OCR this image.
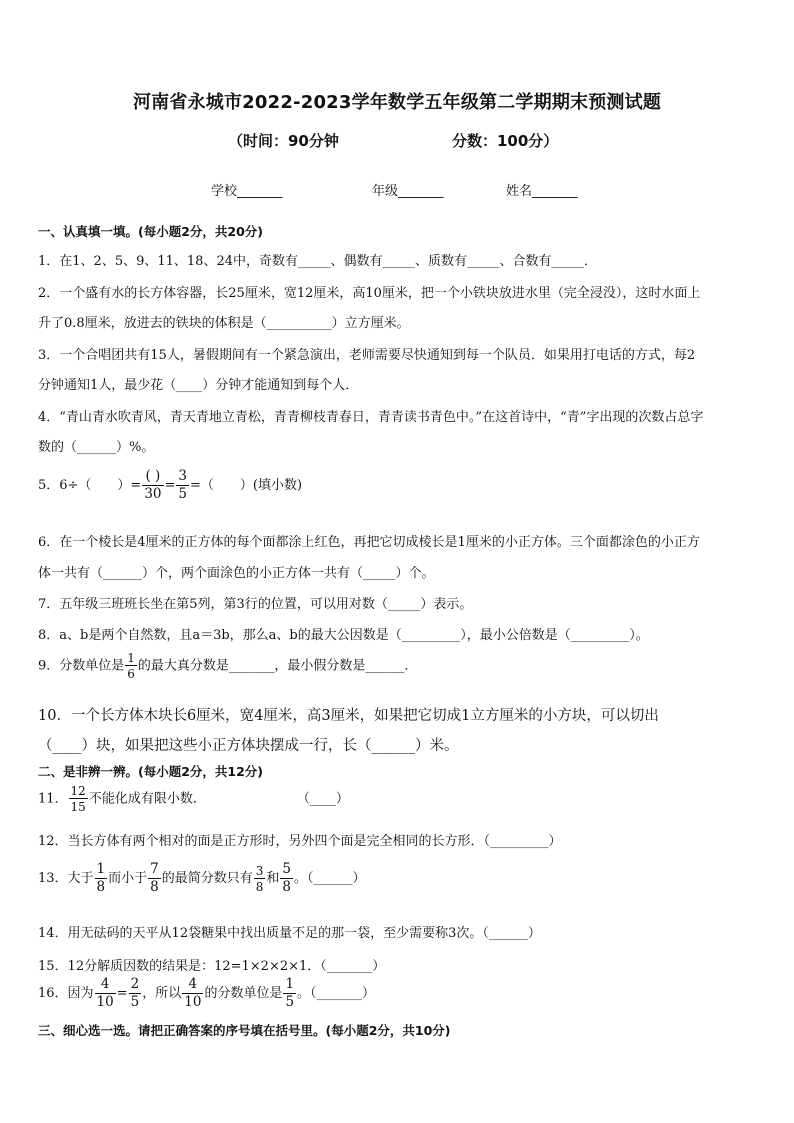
河南省永城市2022-2023学年数学五年级第二学期期末预测试题
（时间：90分钟	分数：100分）
学校_______	年级_______	姓名_______
一、认真填一填。(每小题2分，共20分)
1．在1、2、5、9、11、18、24中，奇数有_____、偶数有_____、质数有_____、合数有_____．
2．一个盛有水的长方体容器，长25厘米，宽12厘米，高10厘米，把一个小铁块放进水里（完全浸没），这时水面上
升了0.8厘米，放进去的铁块的体积是（__________）立方厘米。
3．一个合唱团共有15人，暑假期间有一个紧急演出，老师需要尽快通知到每一个队员．如果用打电话的方式，每2
分钟通知1人，最少花（____）分钟才能通知到每个人．
4．“青山青水吹青风，青天青地立青松，青青柳枝青春日，青青读书青色中。”在这首诗中，“青”字出现的次数占总字
数的（______）%。
5．6÷（　　）= $\frac{( )}{30} = \frac{3}{5}$ =（　　）(填小数)
6．在一个棱长是4厘米的正方体的每个面都涂上红色，再把它切成棱长是1厘米的小正方体。三个面都涂色的小正方
体一共有（______）个，两个面涂色的小正方体一共有（_____）个。
7．五年级三班班长坐在第5列，第3行的位置，可以用对数（_____）表示。
8．a、b是两个自然数，且a＝3b，那么a、b的最大公因数是（_________），最小公倍数是（_________）。
9．分数单位是 $\frac{1}{6}$ 的最大真分数是_______，最小假分数是______．
10．一个长方体木块长6厘米，宽4厘米，高3厘米，如果把它切成1立方厘米的小方块，可以切出
（____）块，如果把这些小正方体块摆成一行，长（______）米。
二、是非辨一辨。(每小题2分，共12分)
11． $\frac{12}{15}$ 不能化成有限小数．　　　　　　　　（____）
12．当长方体有两个相对的面是正方形时，另外四个面是完全相同的长方形．（_________）
13．大于 $\frac{1}{8}$ 而小于 $\frac{7}{8}$ 的最简分数只有 $\frac{3}{8}$ 和 $\frac{5}{8}$ 。（______）
14．用无砝码的天平从12袋糖果中找出质量不足的那一袋，至少需要称3次。（______）
15．12分解质因数的结果是：12=1×2×2×1．（_______）
16．因为 $\frac{4}{10} = \frac{2}{5}$ ，所以 $\frac{4}{10}$ 的分数单位是 $\frac{1}{5}$ 。（_______）
三、细心选一选。请把正确答案的序号填在括号里。(每小题2分，共10分)
